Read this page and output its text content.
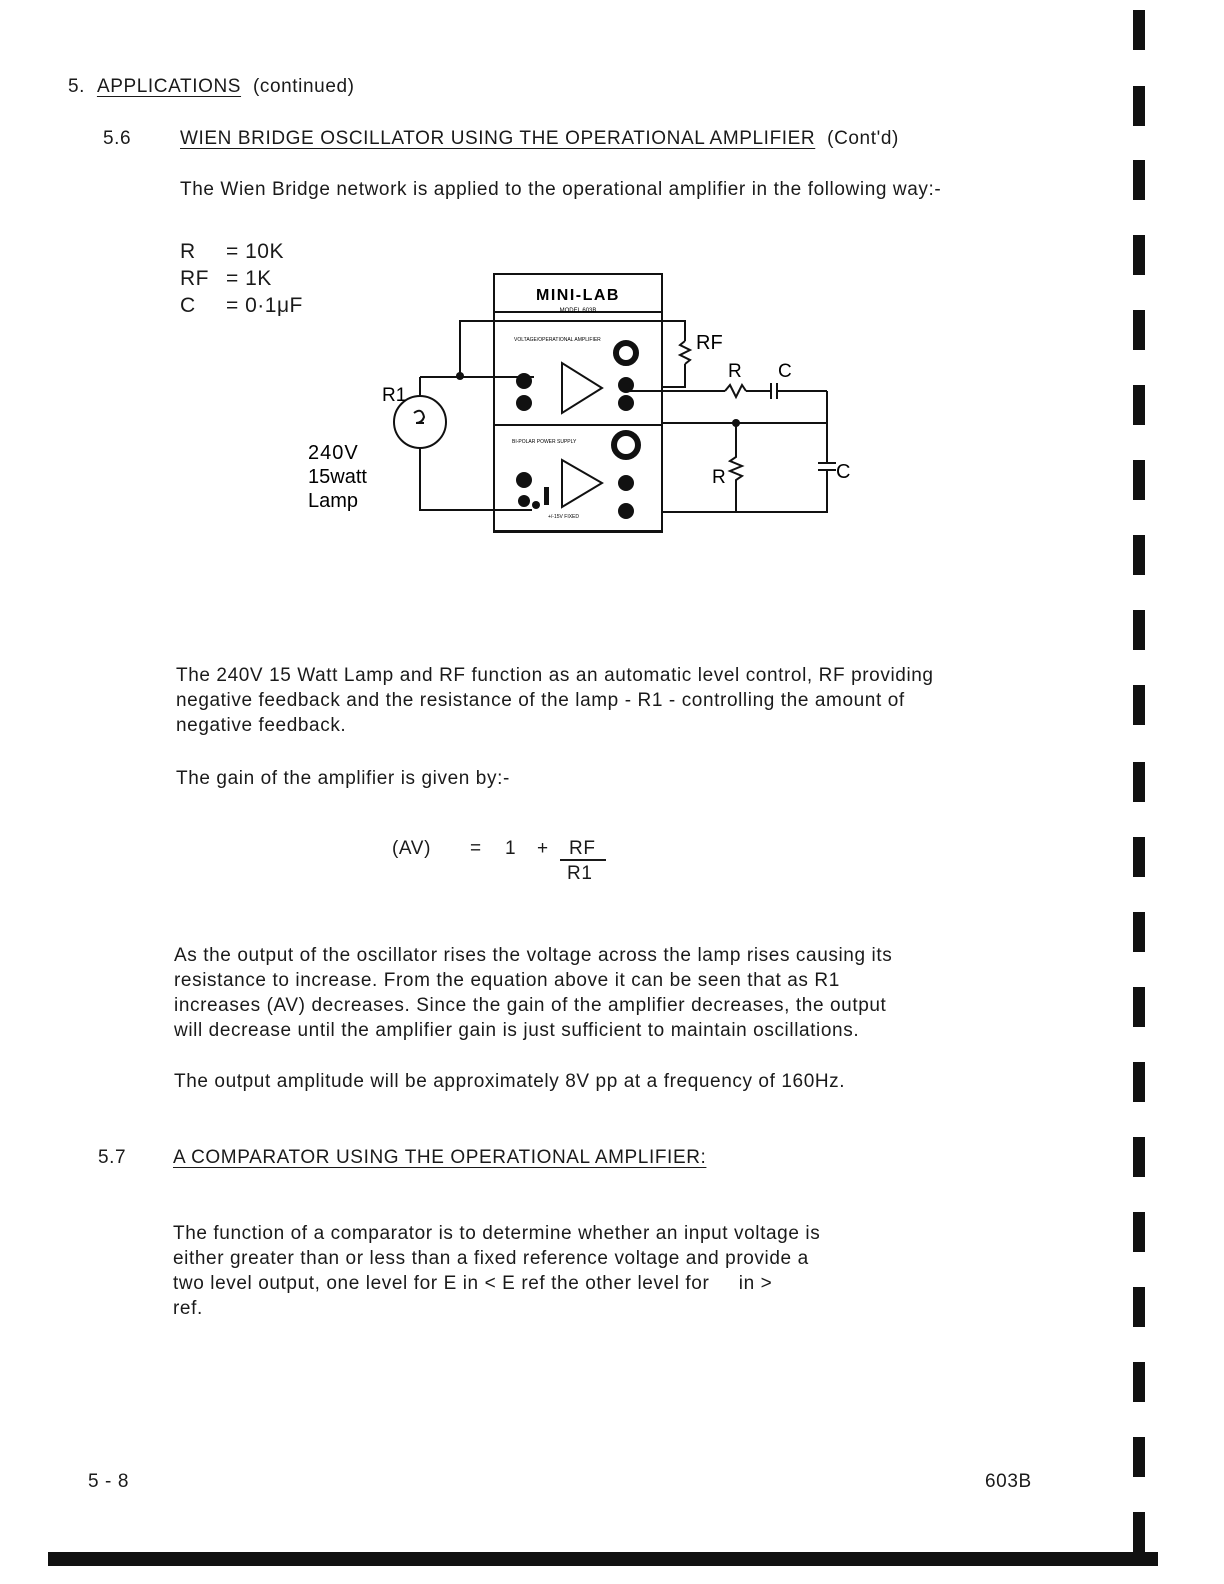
5. APPLICATIONS (continued)
5.6	WIEN BRIDGE OSCILLATOR USING THE OPERATIONAL AMPLIFIER (Cont'd)
The Wien Bridge network is applied to the operational amplifier in the following way:-
R = 10K
RF = 1K
C = 0·1μF	MINI-LAB
MODEL 603B
VOLTAGE/OPERATIONAL AMPLIFIER
BI-POLAR POWER SUPPLY
+/-15V FIXED
RF
R C
R	C
R1
240V
15watt
Lamp
The 240V 15 Watt Lamp and RF function as an automatic level control, RF providing
negative feedback and the resistance of the lamp - R1 - controlling the amount of
negative feedback.
The gain of the amplifier is given by:-
(AV) = 1 + RF
R1
As the output of the oscillator rises the voltage across the lamp rises causing its
resistance to increase. From the equation above it can be seen that as R1
increases (AV) decreases. Since the gain of the amplifier decreases, the output
will decrease until the amplifier gain is just sufficient to maintain oscillations.
The output amplitude will be approximately 8V pp at a frequency of 160Hz.
5.7 A COMPARATOR USING THE OPERATIONAL AMPLIFIER:
The function of a comparator is to determine whether an input voltage is
either greater than or less than a fixed reference voltage and provide a
two level output, one level for E in < E ref the other level for     in >
ref.
5 - 8	603B
